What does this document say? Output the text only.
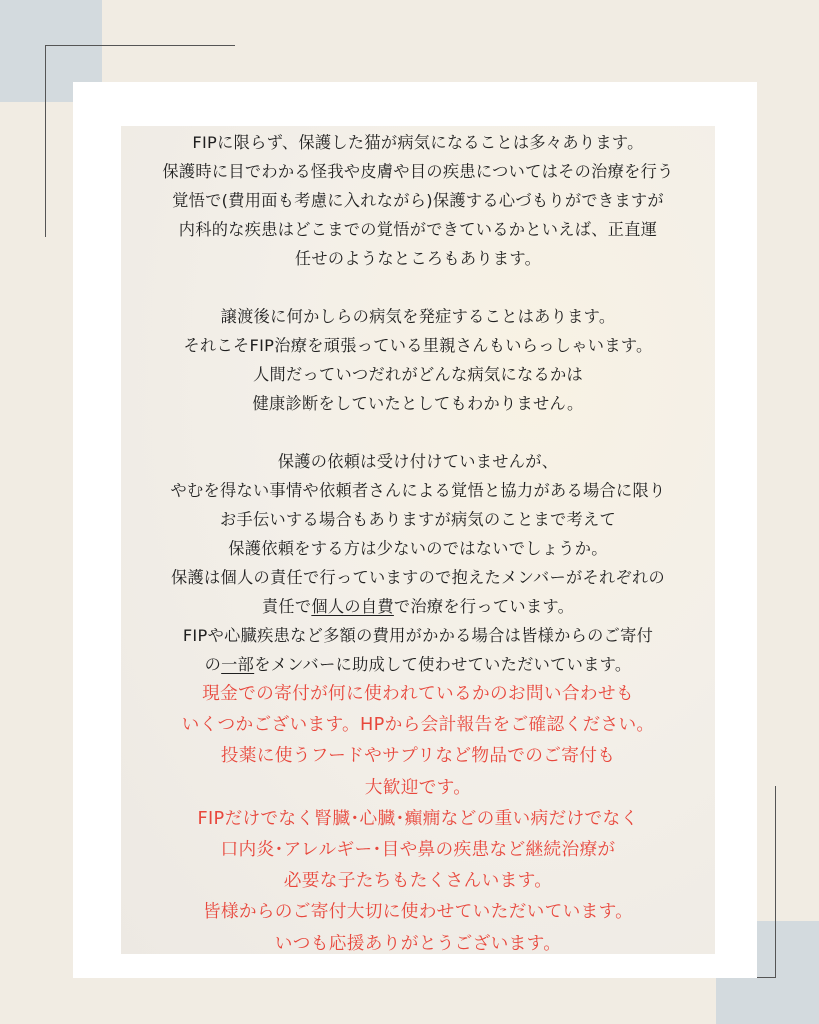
FIPに限らず、保護した猫が病気になることは多々あります。
保護時に目でわかる怪我や皮膚や目の疾患についてはその治療を行う
覚悟で(費用面も考慮に入れながら)保護する心づもりができますが
内科的な疾患はどこまでの覚悟ができているかといえば、正直運
任せのようなところもあります。
譲渡後に何かしらの病気を発症することはあります。
それこそFIP治療を頑張っている里親さんもいらっしゃいます。
人間だっていつだれがどんな病気になるかは
健康診断をしていたとしてもわかりません。
保護の依頼は受け付けていませんが、
やむを得ない事情や依頼者さんによる覚悟と協力がある場合に限り
お手伝いする場合もありますが病気のことまで考えて
保護依頼をする方は少ないのではないでしょうか。
保護は個人の責任で行っていますので抱えたメンバーがそれぞれの
責任で個人の自費で治療を行っています。
FIPや心臓疾患など多額の費用がかかる場合は皆様からのご寄付
の一部をメンバーに助成して使わせていただいています。
現金での寄付が何に使われているかのお問い合わせも
いくつかございます。HPから会計報告をご確認ください。
投薬に使うフードやサプリなど物品でのご寄付も
大歓迎です。
FIPだけでなく腎臓･心臓･癲癇などの重い病だけでなく
口内炎･アレルギー･目や鼻の疾患など継続治療が
必要な子たちもたくさんいます。
皆様からのご寄付大切に使わせていただいています。
いつも応援ありがとうございます。
